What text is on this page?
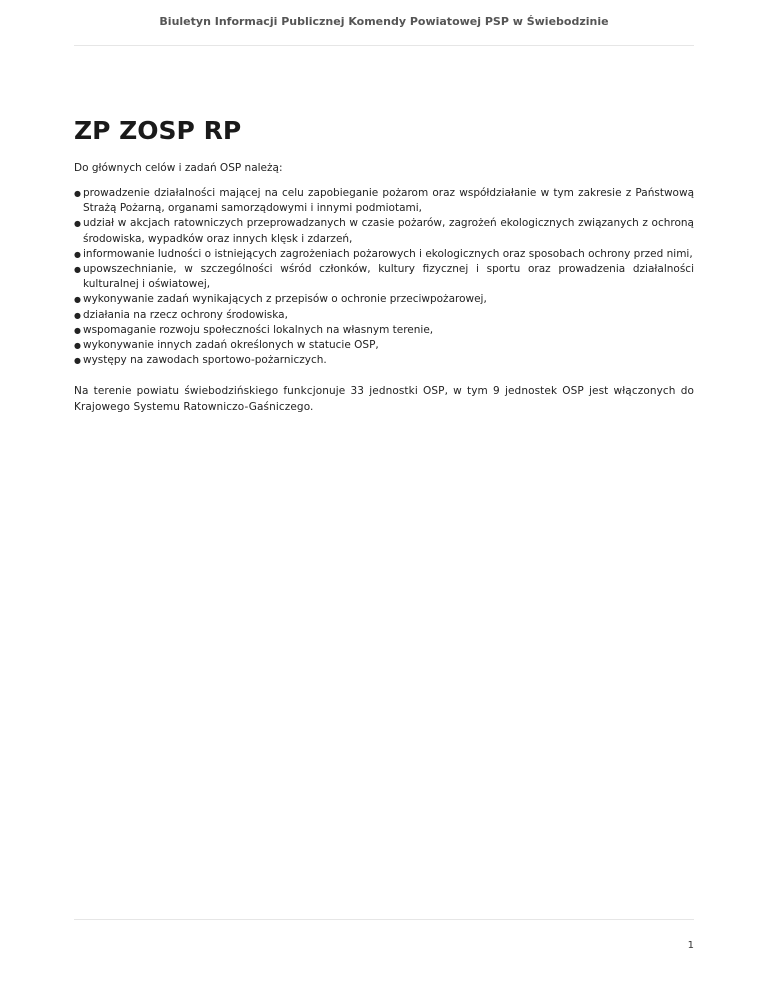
Biuletyn Informacji Publicznej Komendy Powiatowej PSP w Świebodzinie
ZP ZOSP RP

Do głównych celów i zadań OSP należą:

● prowadzenie działalności mającej na celu zapobieganie pożarom oraz współdziałanie w tym zakresie z Państwową Strażą Pożarną, organami samorządowymi i innymi podmiotami,
● udział w akcjach ratowniczych przeprowadzanych w czasie pożarów, zagrożeń ekologicznych związanych z ochroną środowiska, wypadków oraz innych klęsk i zdarzeń,
● informowanie ludności o istniejących zagrożeniach pożarowych i ekologicznych oraz sposobach ochrony przed nimi,
● upowszechnianie, w szczególności wśród członków, kultury fizycznej i sportu oraz prowadzenia działalności kulturalnej i oświatowej,
● wykonywanie zadań wynikających z przepisów o ochronie przeciwpożarowej,
● działania na rzecz ochrony środowiska,
● wspomaganie rozwoju społeczności lokalnych na własnym terenie,
● wykonywanie innych zadań określonych w statucie OSP,
● występy na zawodach sportowo-pożarniczych.

Na terenie powiatu świebodzińskiego funkcjonuje 33 jednostki OSP, w tym 9 jednostek OSP jest włączonych do Krajowego Systemu Ratowniczo-Gaśniczego.

1
